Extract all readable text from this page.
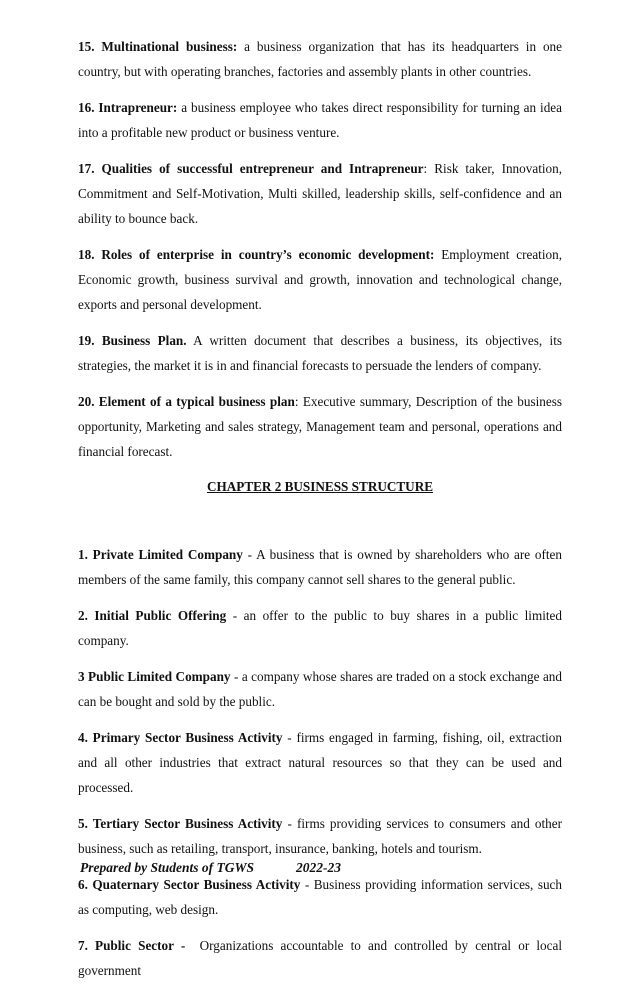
15. Multinational business: a business organization that has its headquarters in one country, but with operating branches, factories and assembly plants in other countries.

16. Intrapreneur: a business employee who takes direct responsibility for turning an idea into a profitable new product or business venture.

17. Qualities of successful entrepreneur and Intrapreneur: Risk taker, Innovation, Commitment and Self-Motivation, Multi skilled, leadership skills, self-confidence and an ability to bounce back.

18. Roles of enterprise in country’s economic development: Employment creation, Economic growth, business survival and growth, innovation and technological change, exports and personal development.

19. Business Plan. A written document that describes a business, its objectives, its strategies, the market it is in and financial forecasts to persuade the lenders of company.

20. Element of a typical business plan: Executive summary, Description of the business opportunity, Marketing and sales strategy, Management team and personal, operations and financial forecast.

CHAPTER 2 BUSINESS STRUCTURE

1. Private Limited Company - A business that is owned by shareholders who are often members of the same family, this company cannot sell shares to the general public.

2. Initial Public Offering - an offer to the public to buy shares in a public limited company.

3 Public Limited Company - a company whose shares are traded on a stock exchange and can be bought and sold by the public.

4. Primary Sector Business Activity - firms engaged in farming, fishing, oil, extraction and all other industries that extract natural resources so that they can be used and processed.

5. Tertiary Sector Business Activity - firms providing services to consumers and other business, such as retailing, transport, insurance, banking, hotels and tourism.

6. Quaternary Sector Business Activity - Business providing information services, such as computing, web design.

7. Public Sector -  Organizations accountable to and controlled by central or local government

Prepared by Students of TGWS	2022-23
